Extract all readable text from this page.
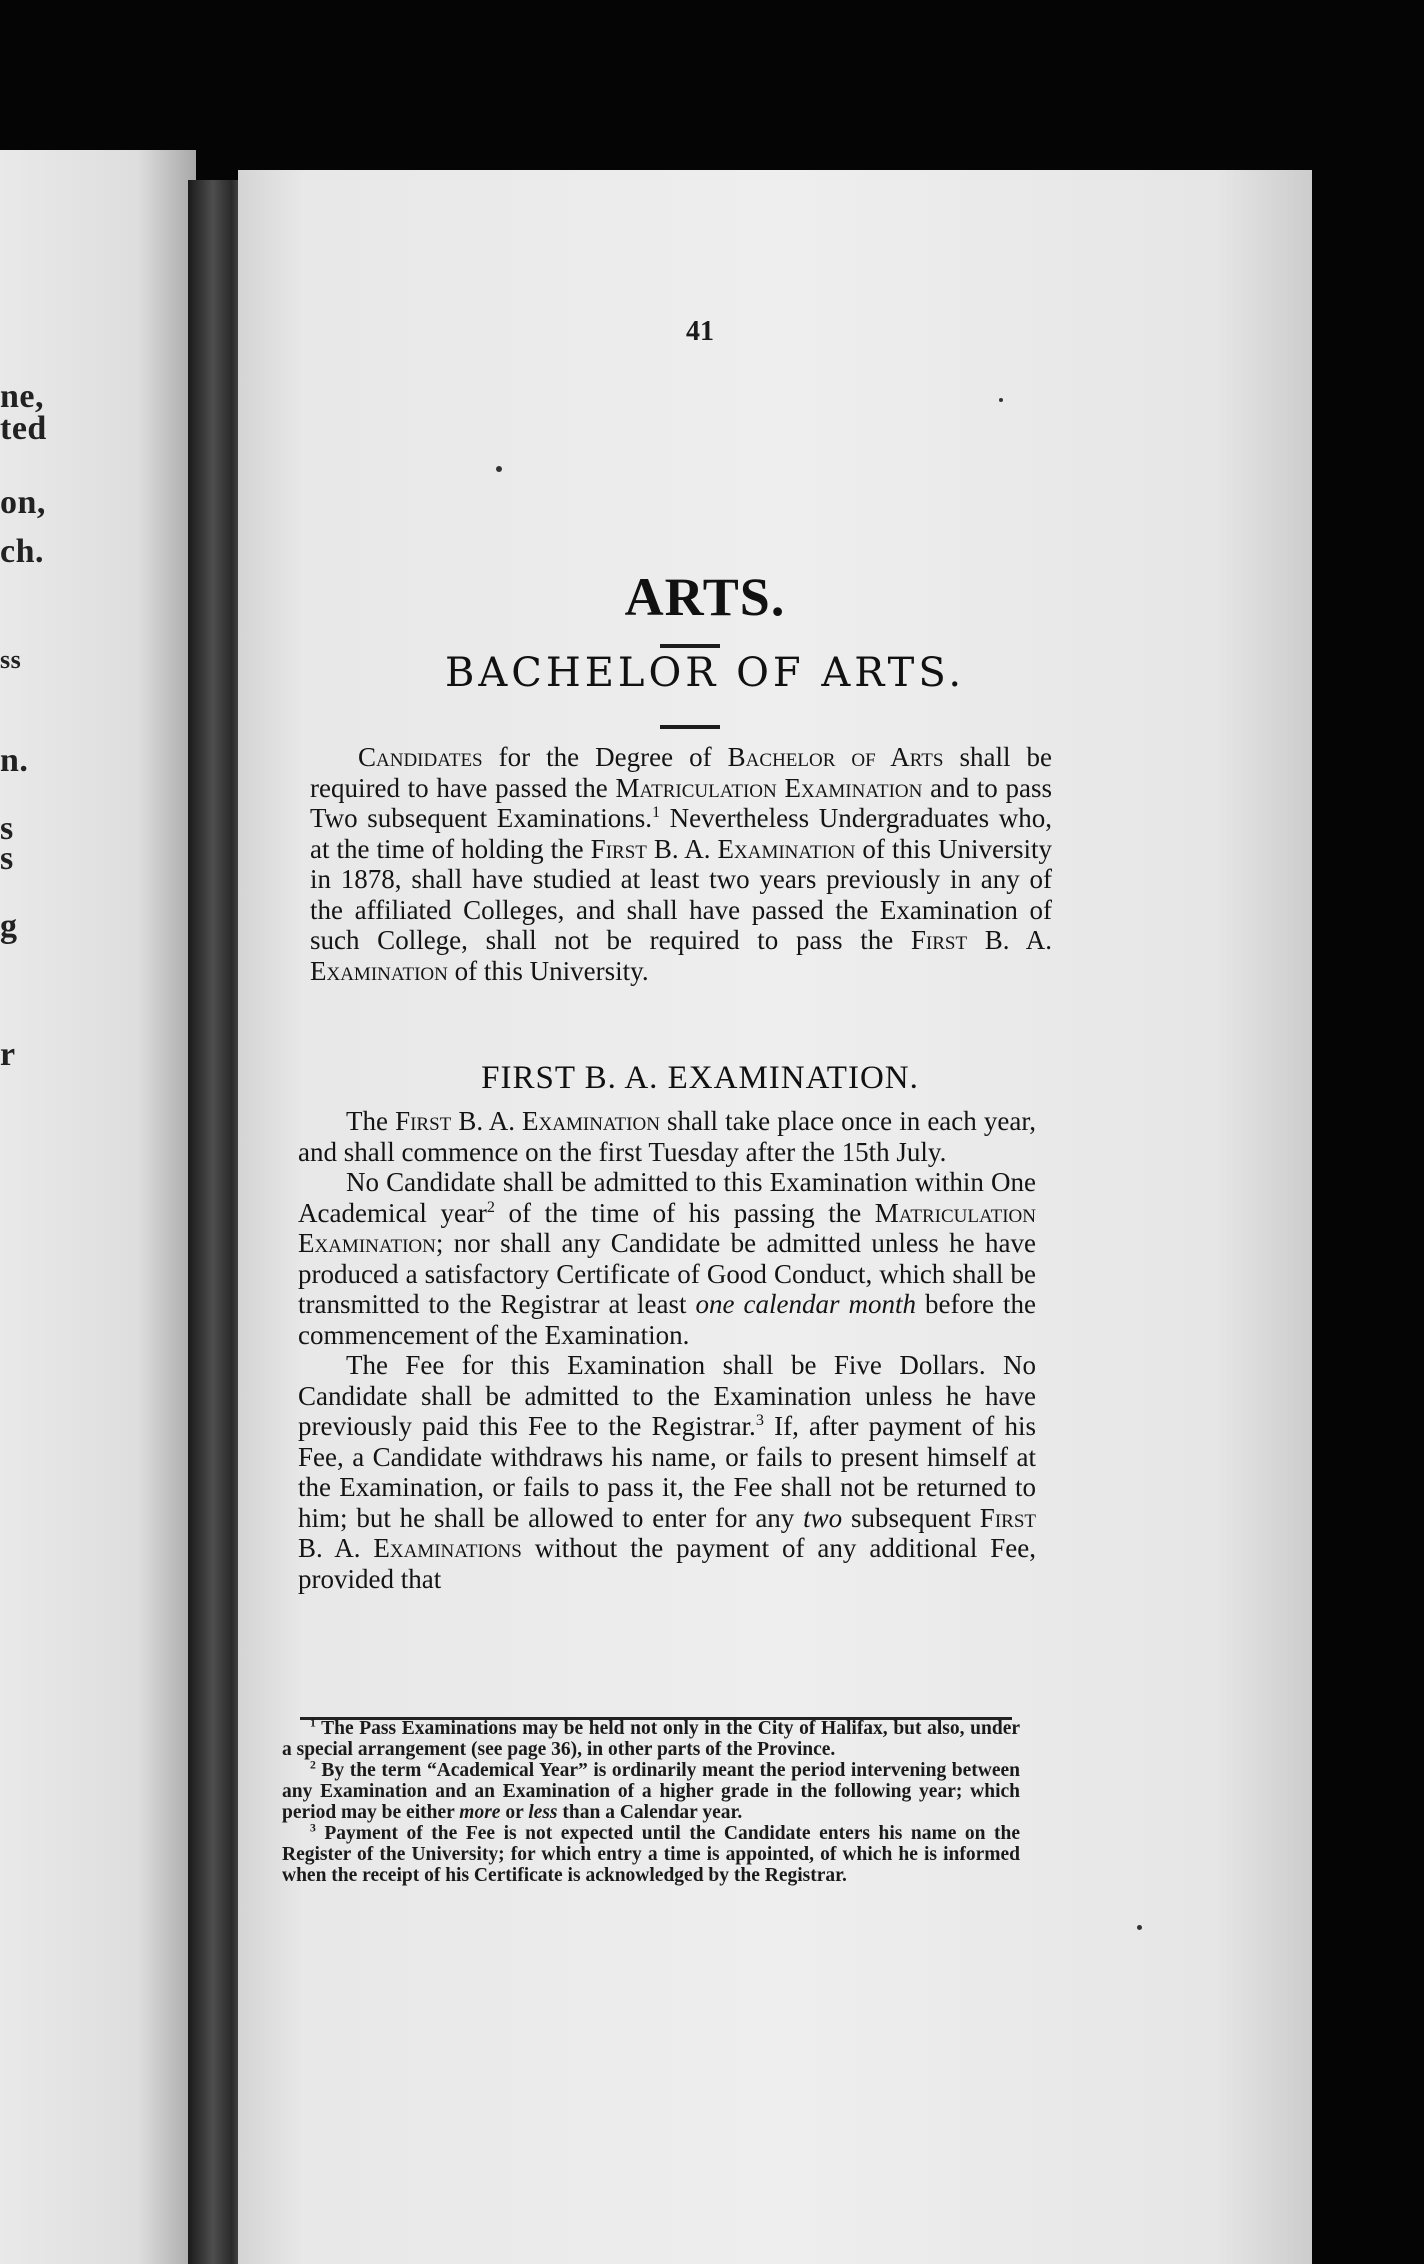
ne,
ted
on,
ch.
ss
n.
s
s
g
r
41
ARTS.
BACHELOR OF ARTS.

Candidates for the Degree of Bachelor of Arts shall be required to have passed the Matriculation Examination and to pass Two subsequent Examinations.$^1$ Nevertheless Undergraduates who, at the time of holding the First B. A. Examination of this University in 1878, shall have studied at least two years previously in any of the affiliated Colleges, and shall have passed the Examination of such College, shall not be required to pass the First B. A. Examination of this University.

FIRST B. A. EXAMINATION.

The First B. A. Examination shall take place once in each year, and shall commence on the first Tuesday after the 15th July.

No Candidate shall be admitted to this Examination within One Academical year$^2$ of the time of his passing the Matriculation Examination; nor shall any Candidate be admitted unless he have produced a satisfactory Certificate of Good Conduct, which shall be transmitted to the Registrar at least one calendar month before the commencement of the Examination.

The Fee for this Examination shall be Five Dollars. No Candidate shall be admitted to the Examination unless he have previously paid this Fee to the Registrar.$^3$ If, after payment of his Fee, a Candidate withdraws his name, or fails to present himself at the Examination, or fails to pass it, the Fee shall not be returned to him; but he shall be allowed to enter for any two subsequent First B. A. Examinations without the payment of any additional Fee, provided that

$^1$ The Pass Examinations may be held not only in the City of Halifax, but also, under a special arrangement (see page 36), in other parts of the Province.

$^2$ By the term “Academical Year” is ordinarily meant the period intervening between any Examination and an Examination of a higher grade in the following year; which period may be either more or less than a Calendar year.

$^3$ Payment of the Fee is not expected until the Candidate enters his name on the Register of the University; for which entry a time is appointed, of which he is informed when the receipt of his Certificate is acknowledged by the Registrar.
